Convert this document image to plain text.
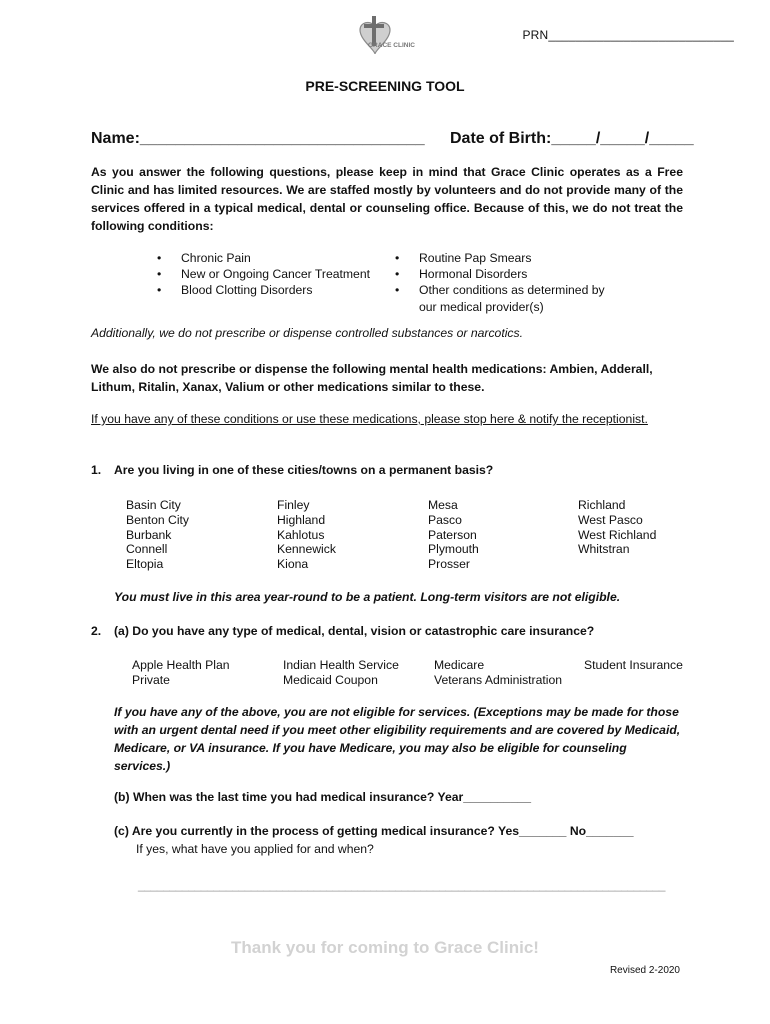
GRACE CLINIC
PRN___________________________
PRE-SCREENING TOOL
Name:________________________________ Date of Birth:_____/_____/_____
As you answer the following questions, please keep in mind that Grace Clinic operates as a Free Clinic and has limited resources. We are staffed mostly by volunteers and do not provide many of the services offered in a typical medical, dental or counseling office. Because of this, we do not treat the following conditions:
• Chronic Pain
• New or Ongoing Cancer Treatment
• Blood Clotting Disorders
• Routine Pap Smears
• Hormonal Disorders
• Other conditions as determined by our medical provider(s)
Additionally, we do not prescribe or dispense controlled substances or narcotics.
We also do not prescribe or dispense the following mental health medications: Ambien, Adderall, Lithum, Ritalin, Xanax, Valium or other medications similar to these.
If you have any of these conditions or use these medications, please stop here & notify the receptionist.
1. Are you living in one of these cities/towns on a permanent basis?
Basin City
Benton City
Burbank
Connell
Eltopia
Finley
Highland
Kahlotus
Kennewick
Kiona
Mesa
Pasco
Paterson
Plymouth
Prosser
Richland
West Pasco
West Richland
Whitstran
You must live in this area year-round to be a patient. Long-term visitors are not eligible.
2. (a) Do you have any type of medical, dental, vision or catastrophic care insurance?
Apple Health Plan
Private
Indian Health Service
Medicaid Coupon
Medicare
Veterans Administration
Student Insurance
If you have any of the above, you are not eligible for services. (Exceptions may be made for those with an urgent dental need if you meet other eligibility requirements and are covered by Medicaid, Medicare, or VA insurance. If you have Medicare, you may also be eligible for counseling services.)
(b) When was the last time you had medical insurance? Year__________
(c) Are you currently in the process of getting medical insurance? Yes_______ No_______
If yes, what have you applied for and when?
____________________________________________________________________________________
Thank you for coming to Grace Clinic!
Revised 2-2020
